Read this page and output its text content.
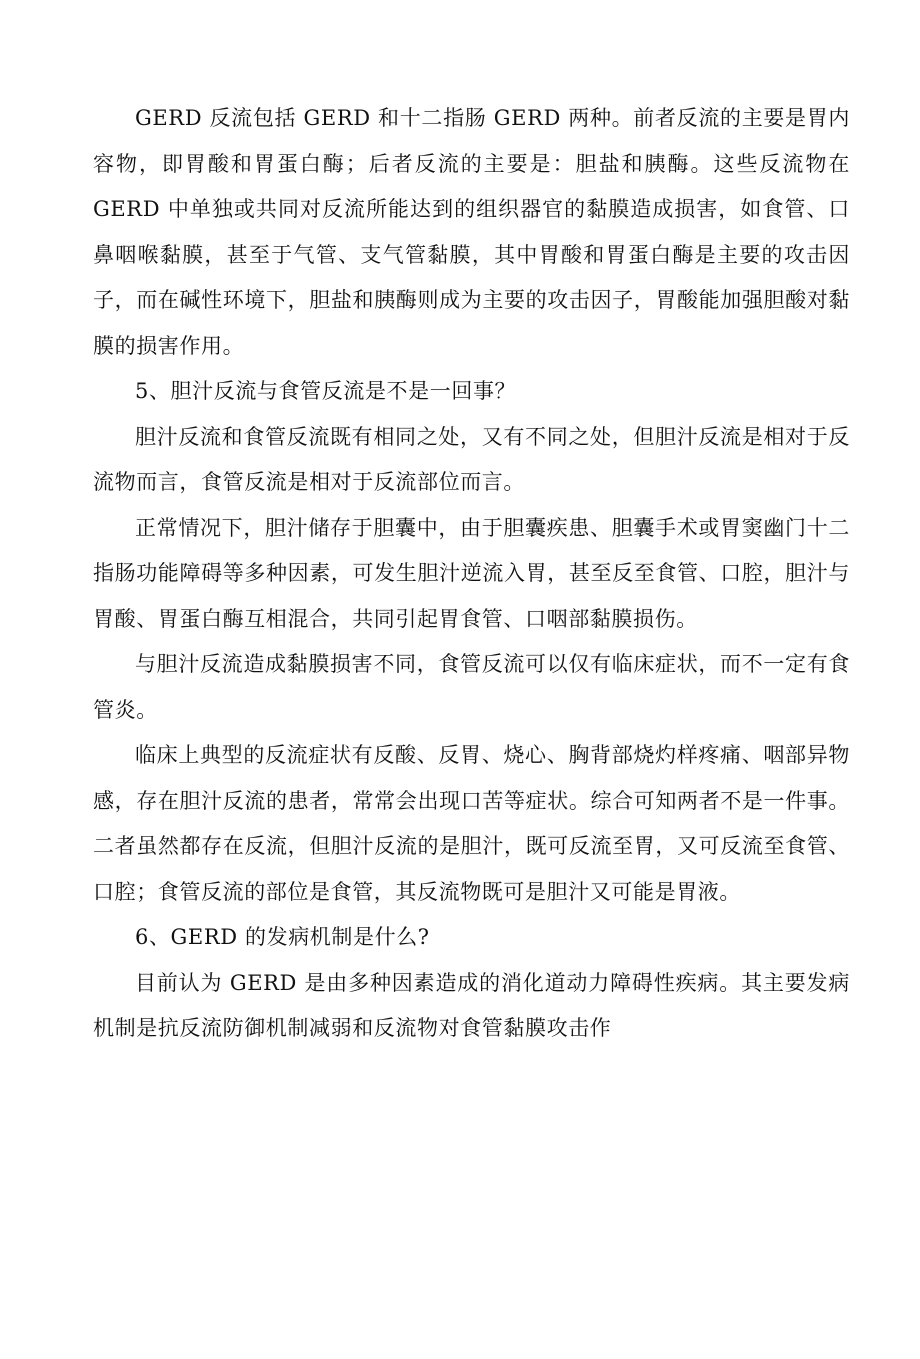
GERD 反流包括 GERD 和十二指肠 GERD 两种。前者反流的主要是胃内容物，即胃酸和胃蛋白酶；后者反流的主要是：胆盐和胰酶。这些反流物在 GERD 中单独或共同对反流所能达到的组织器官的黏膜造成损害，如食管、口鼻咽喉黏膜，甚至于气管、支气管黏膜，其中胃酸和胃蛋白酶是主要的攻击因子，而在碱性环境下，胆盐和胰酶则成为主要的攻击因子，胃酸能加强胆酸对黏膜的损害作用。

5、胆汁反流与食管反流是不是一回事？

胆汁反流和食管反流既有相同之处，又有不同之处，但胆汁反流是相对于反流物而言，食管反流是相对于反流部位而言。

正常情况下，胆汁储存于胆囊中，由于胆囊疾患、胆囊手术或胃窦幽门十二指肠功能障碍等多种因素，可发生胆汁逆流入胃，甚至反至食管、口腔，胆汁与胃酸、胃蛋白酶互相混合，共同引起胃食管、口咽部黏膜损伤。

与胆汁反流造成黏膜损害不同，食管反流可以仅有临床症状，而不一定有食管炎。

临床上典型的反流症状有反酸、反胃、烧心、胸背部烧灼样疼痛、咽部异物感，存在胆汁反流的患者，常常会出现口苦等症状。综合可知两者不是一件事。二者虽然都存在反流，但胆汁反流的是胆汁，既可反流至胃，又可反流至食管、口腔；食管反流的部位是食管，其反流物既可是胆汁又可能是胃液。

6、GERD 的发病机制是什么?

目前认为 GERD 是由多种因素造成的消化道动力障碍性疾病。其主要发病机制是抗反流防御机制减弱和反流物对食管黏膜攻击作
